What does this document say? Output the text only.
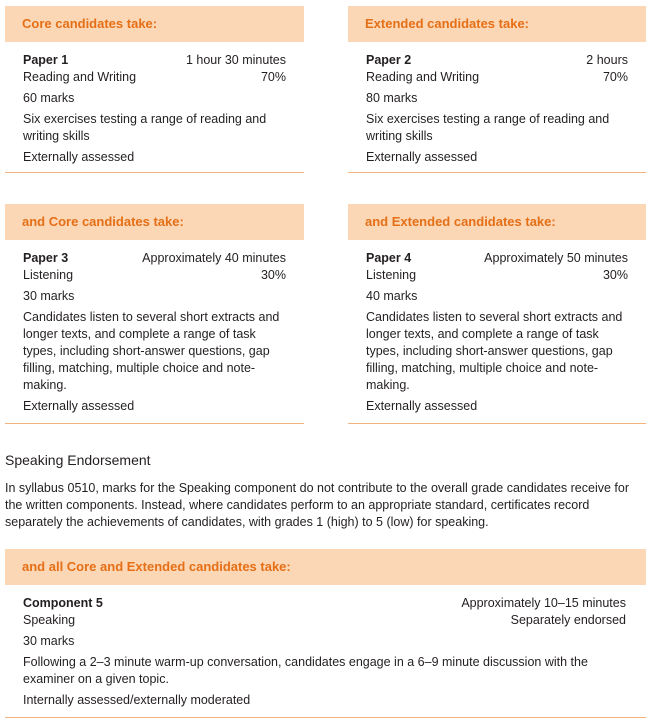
Core candidates take:
Paper 1	1 hour 30 minutes
Reading and Writing	70%
60 marks
Six exercises testing a range of reading and writing skills
Externally assessed
Extended candidates take:
Paper 2	2 hours
Reading and Writing	70%
80 marks
Six exercises testing a range of reading and writing skills
Externally assessed
and Core candidates take:
Paper 3	Approximately 40 minutes
Listening	30%
30 marks
Candidates listen to several short extracts and longer texts, and complete a range of task types, including short-answer questions, gap filling, matching, multiple choice and note-making.
Externally assessed
and Extended candidates take:
Paper 4	Approximately 50 minutes
Listening	30%
40 marks
Candidates listen to several short extracts and longer texts, and complete a range of task types, including short-answer questions, gap filling, matching, multiple choice and note-making.
Externally assessed
Speaking Endorsement
In syllabus 0510, marks for the Speaking component do not contribute to the overall grade candidates receive for the written components. Instead, where candidates perform to an appropriate standard, certificates record separately the achievements of candidates, with grades 1 (high) to 5 (low) for speaking.
and all Core and Extended candidates take:
Component 5	Approximately 10–15 minutes
Speaking	Separately endorsed
30 marks
Following a 2–3 minute warm-up conversation, candidates engage in a 6–9 minute discussion with the examiner on a given topic.
Internally assessed/externally moderated
